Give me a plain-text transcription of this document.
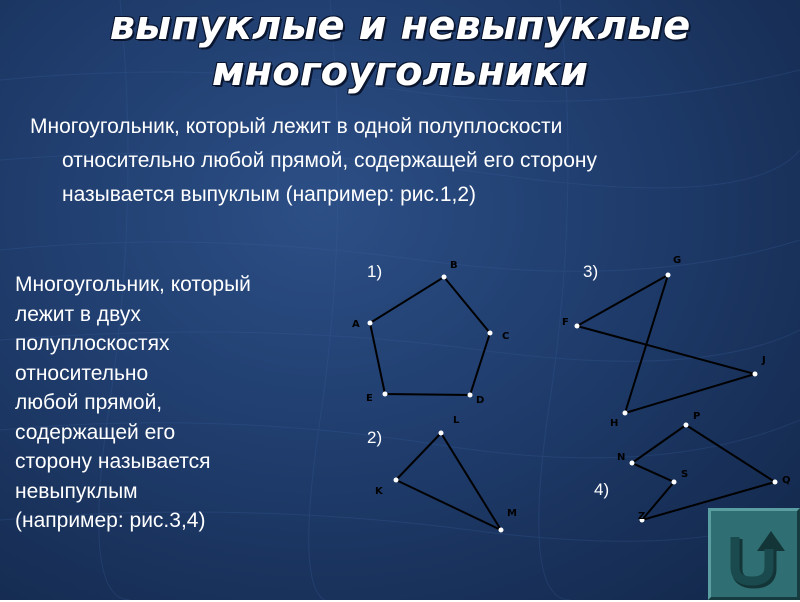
выпуклые и невыпуклые
многоугольники
Многоугольник, который лежит в одной полуплоскости
относительно любой прямой, содержащей его сторону
называется выпуклым (например: рис.1,2)
Многоугольник, который
лежит в двух
полуплоскостях
относительно
любой прямой,
содержащей его
сторону называется
невыпуклым
(например: рис.3,4)
1)
2)
3)
4)
A
B
C
D
E
L
K
M
G
F
J
H
P
N
S
Q
Z
